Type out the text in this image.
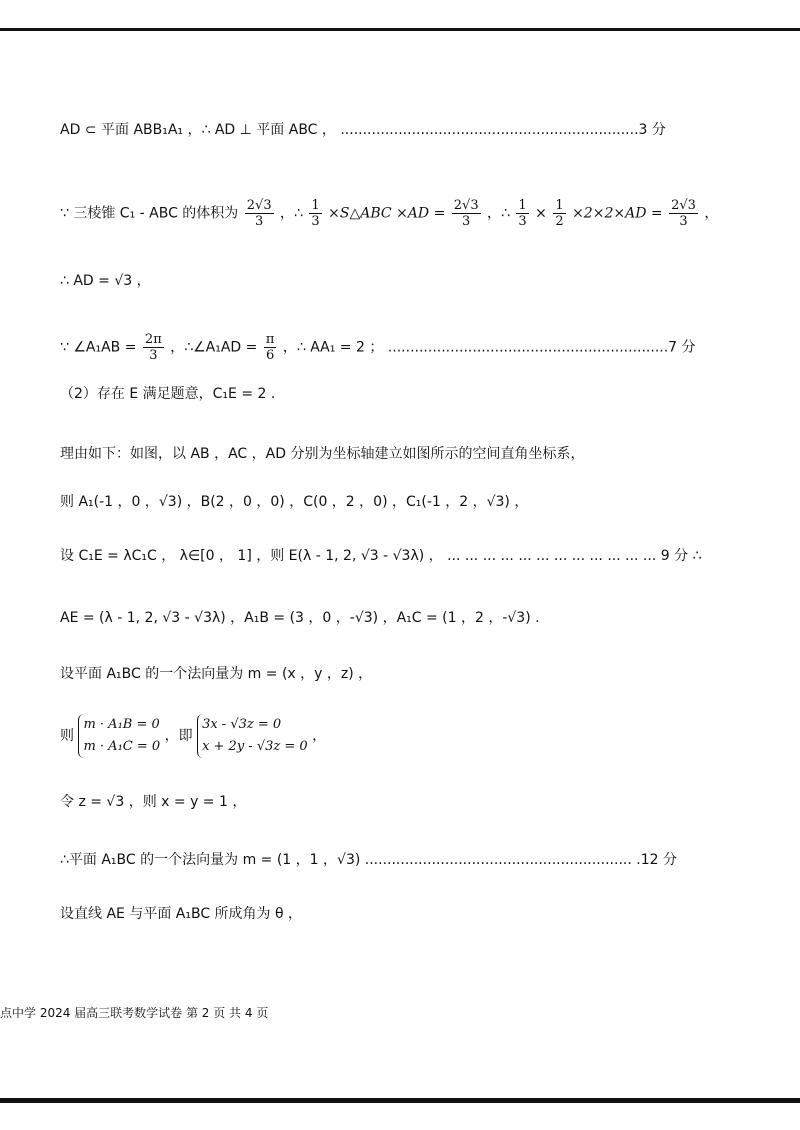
AD ⊂ 平面 ABB₁A₁ ，∴ AD ⊥ 平面 ABC ， ...................................................................3 分
∵ 三棱锥 C₁ - ABC 的体积为 $\frac{2√3}{3}$ ，∴ $\frac{1}{3}$ ×S△ABC $\times AD = \frac{2√3}{3}$ ，∴ $\frac{1}{3} \times \frac{1}{2} \times 2\times 2\times AD = \frac{2√3}{3}$ ，
∴ AD = √3 ，
∵ ∠A₁AB = $\frac{2\pi}{3}$ ，∴∠A₁AD = $\frac{\pi}{6}$ ，∴ AA₁ = 2 ； ...............................................................7 分
（2）存在 E 满足题意，C₁E = 2 .
理由如下：如图，以 AB ，AC ，AD 分别为坐标轴建立如图所示的空间直角坐标系，
则 A₁(-1 ，0 ，√3) ，B(2 ，0 ，0) ，C(0 ，2 ，0) ，C₁(-1 ，2 ，√3) ，
设 C₁E = λC₁C ， λ∈[0 ， 1] ，则 E(λ - 1, 2, √3 - √3λ) ， ... ... ... ... ... ... ... ... ... ... ... ... 9 分 ∴
AE = (λ - 1, 2, √3 - √3λ) ，A₁B = (3 ，0 ，-√3) ，A₁C = (1 ，2 ，-√3) .
设平面 A₁BC 的一个法向量为 m = (x ，y ，z) ，
则 m · A₁B = 0
m · A₁C = 0 ，即 3x - √3z = 0
x + 2y - √3z = 0 ，
令 z = √3 ，则 x = y = 1 ，
∴平面 A₁BC 的一个法向量为 m = (1 ，1 ，√3) ............................................................ .12 分
设直线 AE 与平面 A₁BC 所成角为 θ ，
点中学 2024 届高三联考数学试卷 第 2 页 共 4 页
